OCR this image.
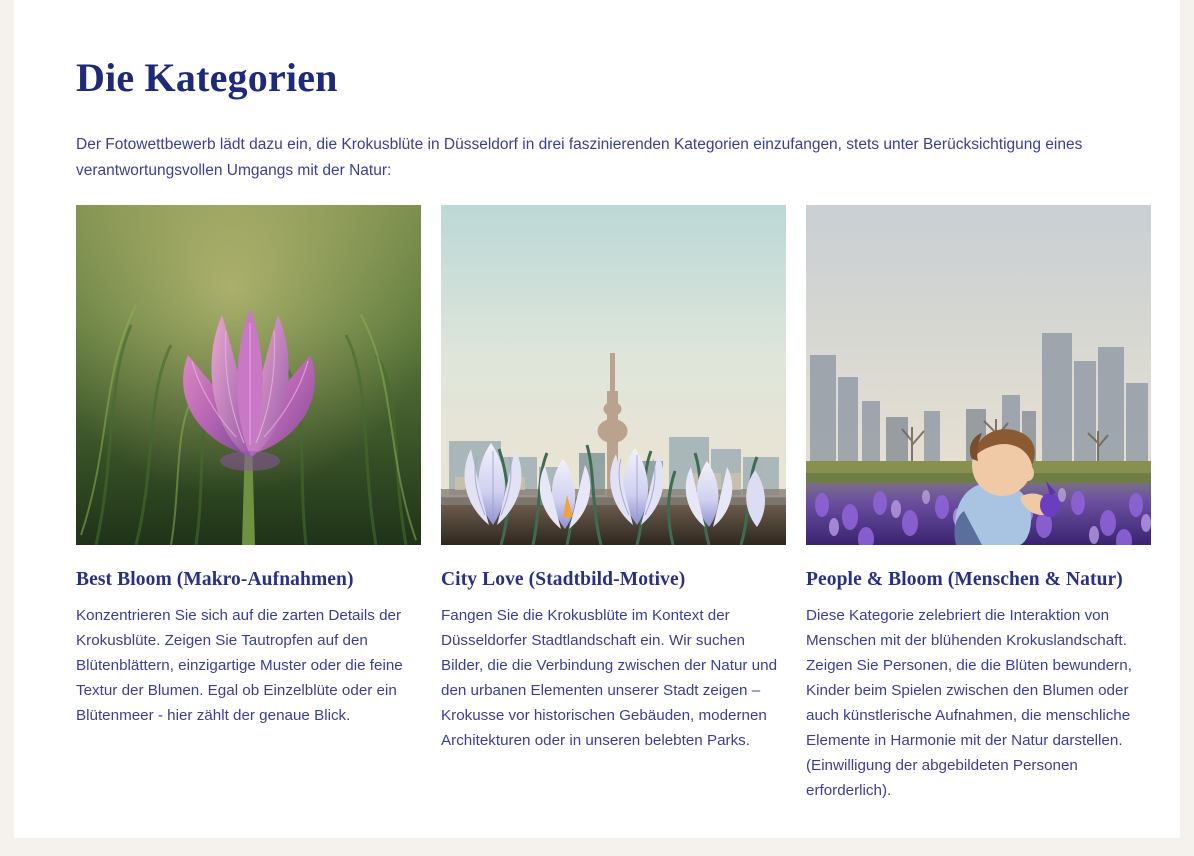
Die Kategorien

Der Fotowettbewerb lädt dazu ein, die Krokusblüte in Düsseldorf in drei faszinierenden Kategorien einzufangen, stets unter Berücksichtigung eines verantwortungsvollen Umgangs mit der Natur:

Best Bloom (Makro-Aufnahmen)
Konzentrieren Sie sich auf die zarten Details der Krokusblüte. Zeigen Sie Tautropfen auf den Blütenblättern, einzigartige Muster oder die feine Textur der Blumen. Egal ob Einzelblüte oder ein Blütenmeer - hier zählt der genaue Blick.
City Love (Stadtbild-Motive)
Fangen Sie die Krokusblüte im Kontext der Düsseldorfer Stadtlandschaft ein. Wir suchen Bilder, die die Verbindung zwischen der Natur und den urbanen Elementen unserer Stadt zeigen – Krokusse vor historischen Gebäuden, modernen Architekturen oder in unseren belebten Parks.
People & Bloom (Menschen & Natur)
Diese Kategorie zelebriert die Interaktion von Menschen mit der blühenden Krokuslandschaft. Zeigen Sie Personen, die die Blüten bewundern, Kinder beim Spielen zwischen den Blumen oder auch künstlerische Aufnahmen, die menschliche Elemente in Harmonie mit der Natur darstellen. (Einwilligung der abgebildeten Personen erforderlich).
